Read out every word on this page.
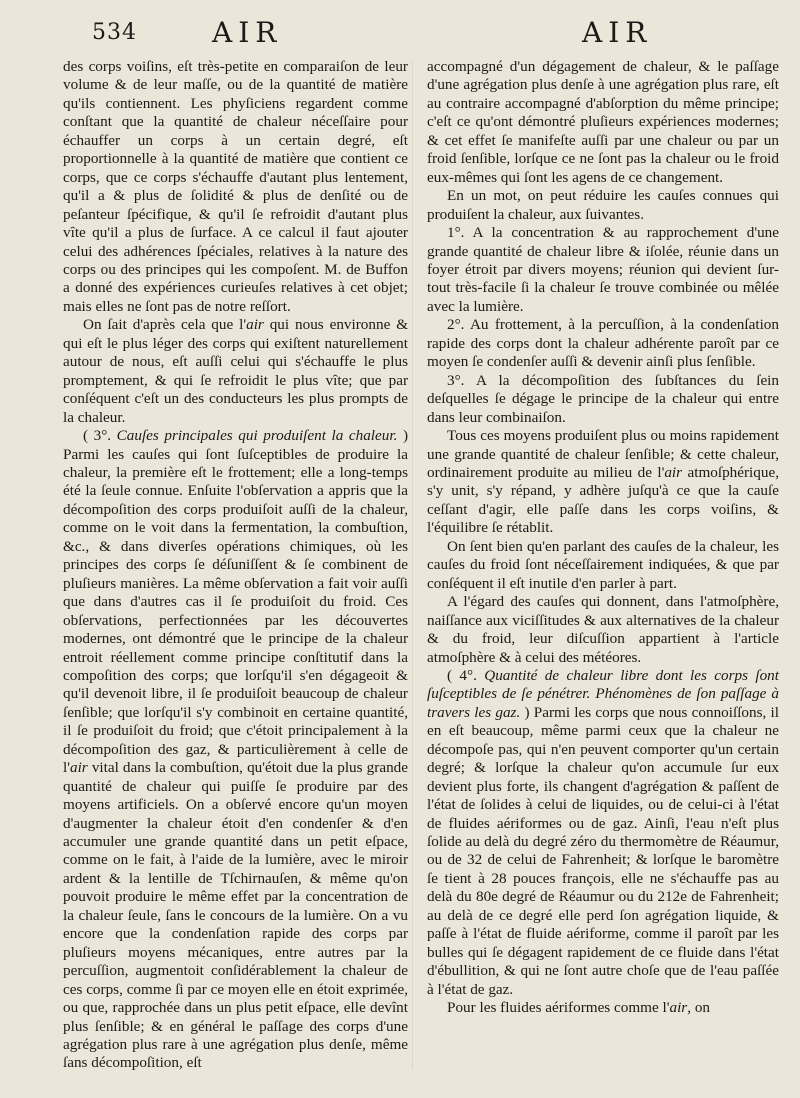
534	AIR	AIR

des corps voiſins, eſt très-petite en comparaiſon de leur volume & de leur maſſe, ou de la quantité de matière qu'ils contiennent. Les phyſiciens regardent comme conſtant que la quantité de chaleur néceſſaire pour échauffer un corps à un certain degré, eſt proportionnelle à la quantité de matière que contient ce corps, que ce corps s'échauffe d'autant plus lentement, qu'il a & plus de ſolidité & plus de denſité ou de peſanteur ſpécifique, & qu'il ſe refroidit d'autant plus vîte qu'il a plus de ſurface. A ce calcul il faut ajouter celui des adhérences ſpéciales, relatives à la nature des corps ou des principes qui les compoſent. M. de Buffon a donné des expériences curieuſes relatives à cet objet; mais elles ne ſont pas de notre reſſort.

On ſait d'après cela que l'air qui nous environne & qui eſt le plus léger des corps qui exiſtent naturellement autour de nous, eſt auſſi celui qui s'échauffe le plus promptement, & qui ſe refroidit le plus vîte; que par conſéquent c'eſt un des conducteurs les plus prompts de la chaleur.

( 3°. Cauſes principales qui produiſent la chaleur. ) Parmi les cauſes qui ſont ſuſceptibles de produire la chaleur, la première eſt le frottement; elle a long-temps été la ſeule connue. Enſuite l'obſervation a appris que la décompoſition des corps produiſoit auſſi de la chaleur, comme on le voit dans la fermentation, la combuſtion, &c., & dans diverſes opérations chimiques, où les principes des corps ſe déſuniſſent & ſe combinent de pluſieurs manières. La même obſervation a fait voir auſſi que dans d'autres cas il ſe produiſoit du froid. Ces obſervations, perfectionnées par les découvertes modernes, ont démontré que le principe de la chaleur entroit réellement comme principe conſtitutif dans la compoſition des corps; que lorſqu'il s'en dégageoit & qu'il devenoit libre, il ſe produiſoit beaucoup de chaleur ſenſible; que lorſqu'il s'y combinoit en certaine quantité, il ſe produiſoit du froid; que c'étoit principalement à la décompoſition des gaz, & particulièrement à celle de l'air vital dans la combuſtion, qu'étoit due la plus grande quantité de chaleur qui puiſſe ſe produire par des moyens artificiels. On a obſervé encore qu'un moyen d'augmenter la chaleur étoit d'en condenſer & d'en accumuler une grande quantité dans un petit eſpace, comme on le fait, à l'aide de la lumière, avec le miroir ardent & la lentille de Tſchirnauſen, & même qu'on pouvoit produire le même effet par la concentration de la chaleur ſeule, ſans le concours de la lumière. On a vu encore que la condenſation rapide des corps par pluſieurs moyens mécaniques, entre autres par la percuſſion, augmentoit conſidérablement la chaleur de ces corps, comme ſi par ce moyen elle en étoit exprimée, ou que, rapprochée dans un plus petit eſpace, elle devînt plus ſenſible; & en général le paſſage des corps d'une agrégation plus rare à une agrégation plus denſe, même ſans décompoſition, eſt

accompagné d'un dégagement de chaleur, & le paſſage d'une agrégation plus denſe à une agrégation plus rare, eſt au contraire accompagné d'abſorption du même principe; c'eſt ce qu'ont démontré pluſieurs expériences modernes; & cet effet ſe manifeſte auſſi par une chaleur ou par un froid ſenſible, lorſque ce ne ſont pas la chaleur ou le froid eux-mêmes qui ſont les agens de ce changement.

En un mot, on peut réduire les cauſes connues qui produiſent la chaleur, aux ſuivantes.

1°. A la concentration & au rapprochement d'une grande quantité de chaleur libre & iſolée, réunie dans un foyer étroit par divers moyens; réunion qui devient ſur-tout très-facile ſi la chaleur ſe trouve combinée ou mêlée avec la lumière.

2°. Au frottement, à la percuſſion, à la condenſation rapide des corps dont la chaleur adhérente paroît par ce moyen ſe condenſer auſſi & devenir ainſi plus ſenſible.

3°. A la décompoſition des ſubſtances du ſein deſquelles ſe dégage le principe de la chaleur qui entre dans leur combinaiſon.

Tous ces moyens produiſent plus ou moins rapidement une grande quantité de chaleur ſenſible; & cette chaleur, ordinairement produite au milieu de l'air atmoſphérique, s'y unit, s'y répand, y adhère juſqu'à ce que la cauſe ceſſant d'agir, elle paſſe dans les corps voiſins, & l'équilibre ſe rétablit.

On ſent bien qu'en parlant des cauſes de la chaleur, les cauſes du froid ſont néceſſairement indiquées, & que par conſéquent il eſt inutile d'en parler à part.

A l'égard des cauſes qui donnent, dans l'atmoſphère, naiſſance aux viciſſitudes & aux alternatives de la chaleur & du froid, leur diſcuſſion appartient à l'article atmoſphère & à celui des météores.

( 4°. Quantité de chaleur libre dont les corps ſont ſuſceptibles de ſe pénétrer. Phénomènes de ſon paſſage à travers les gaz. ) Parmi les corps que nous connoiſſons, il en eſt beaucoup, même parmi ceux que la chaleur ne décompoſe pas, qui n'en peuvent comporter qu'un certain degré; & lorſque la chaleur qu'on accumule ſur eux devient plus forte, ils changent d'agrégation & paſſent de l'état de ſolides à celui de liquides, ou de celui-ci à l'état de fluides aériformes ou de gaz. Ainſi, l'eau n'eſt plus ſolide au delà du degré zéro du thermomètre de Réaumur, ou de 32 de celui de Fahrenheit; & lorſque le baromètre ſe tient à 28 pouces françois, elle ne s'échauffe pas au delà du 80e degré de Réaumur ou du 212e de Fahrenheit; au delà de ce degré elle perd ſon agrégation liquide, & paſſe à l'état de fluide aériforme, comme il paroît par les bulles qui ſe dégagent rapidement de ce fluide dans l'état d'ébullition, & qui ne ſont autre choſe que de l'eau paſſée à l'état de gaz.

Pour les fluides aériformes comme l'air, on
